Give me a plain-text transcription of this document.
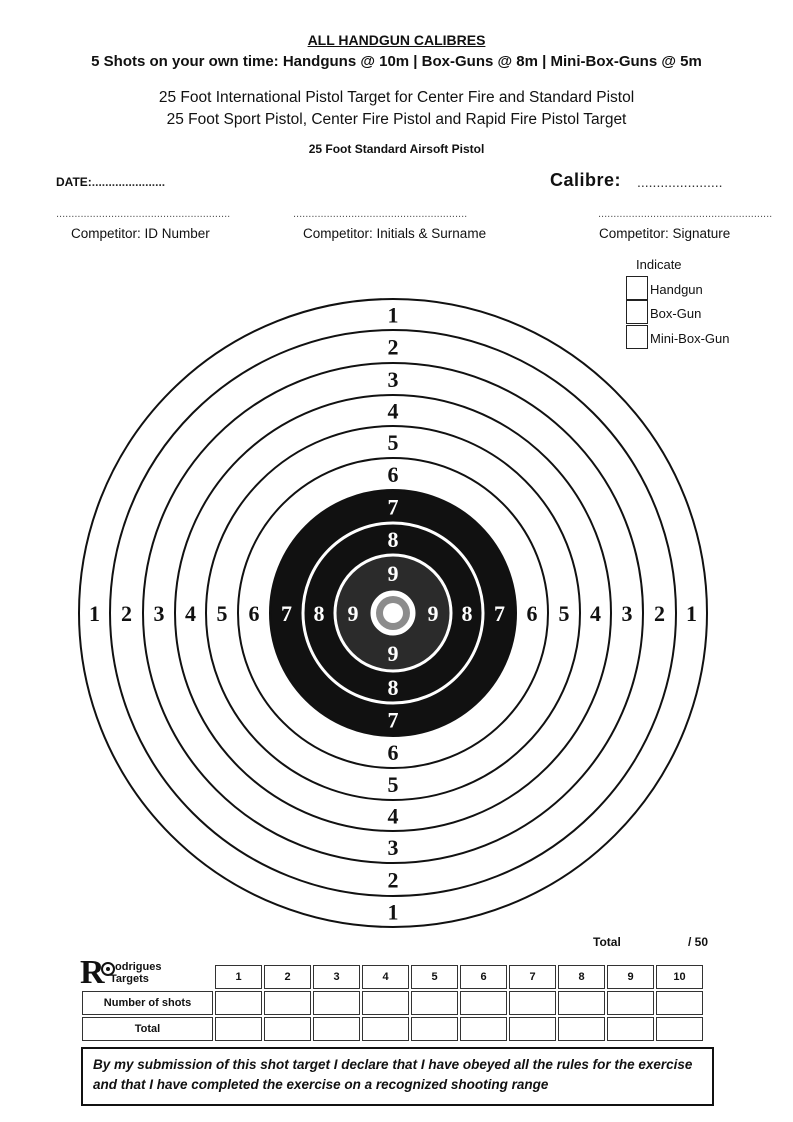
ALL HANDGUN CALIBRES
5 Shots on your own time: Handguns @ 10m | Box-Guns @ 8m | Mini-Box-Guns @ 5m
25 Foot International Pistol Target for Center Fire and Standard Pistol
25 Foot Sport Pistol, Center Fire Pistol and Rapid Fire Pistol Target
25 Foot Standard Airsoft Pistol
DATE:......................	Calibre: ......................
.........................................................	.........................................................	.........................................................
Competitor: ID Number	Competitor: Initials & Surname	Competitor: Signature
Indicate
Handgun
Box-Gun
Mini-Box-Gun
1
1
1	1
2
2
2	2
3
3
3	3
4
4
4	4
5
5
5	5
6
6
6	6
7
7
7	7
8
8
8	8
9
9
9	9
Total	/ 50
R odrigues
Targets
		1	2	3	4	5	6	7	8	9	10
Number of shots										
Total										
By my submission of this shot target I declare that I have obeyed all the rules for the exercise and that I have completed the exercise on a recognized shooting range
